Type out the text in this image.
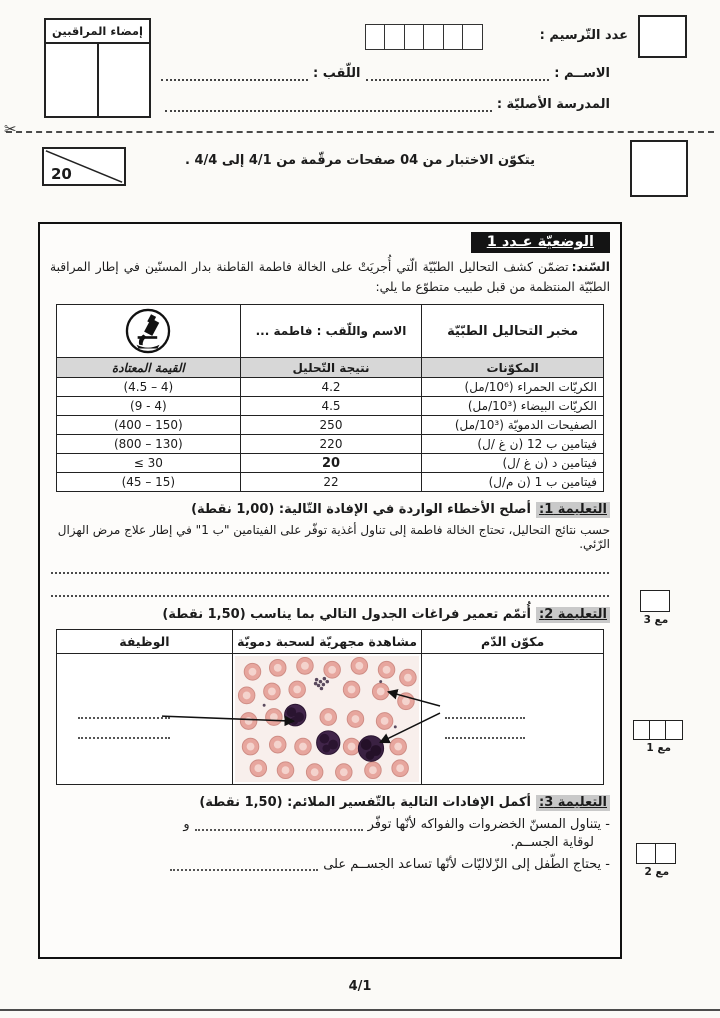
عدد التّرسيم :
إمضاء المراقبين
الاســم :
اللّقب :
المدرسة الأصليّة :
✂
يتكوّن الاختبار من 04 صفحات مرقّمة من 4/1 إلى 4/4 .
20
الوضعيّة عـدد 1

السّند:تضمّن كشف التحاليل الطبّيّة الّتي أُجريَتْ على الخالة فاطمة القاطنة بدار المسنّين في إطار المراقبة الطبّيّة المنتظمة من قبل طبيب متطوّع ما يلي:

مخبر التحاليل الطبّيّة	الاسم واللّقب : فاطمة ...	

المكوّنات	نتيجة التّحليل	القيمة المعتادة
الكريّات الحمراء (10⁶/مل)	4.2	(4.5 – 4)
الكريّات البيضاء (10³/مل)	4.5	(9 - 4)
الصفيحات الدمويّة (10³/مل)	250	(400 – 150)
فيتامين ب 12 (ن غ /ل)	220	(800 – 130)
فيتامين د (ن غ /ل)	20	≤ 30
فيتامين ب 1 (ن م/ل)	22	(45 – 15)

التعليمة 1:أصلح الأخطاء الواردة في الإفادة التّالية: (1,00 نقطة)

حسب نتائج التحاليل، تحتاج الخالة فاطمة إلى تناول أغذية توفّر على الفيتامين "ب 1" في إطار علاج مرض الهزال الرّئي.

التعليمة 2:أُتمّم تعمير فراغات الجدول التالي بما يناسب (1,50 نقطة)

مكوّن الدّم	مشاهدة مجهريّة لسحبة دمويّة	الوظيفة

التعليمة 3:أكمل الإفادات التالية بالتّفسير الملائم: (1,50 نقطة)

- يتناول المسنّ الخضروات والفواكه لأنّها توفّرو

لوقاية الجســم.

- يحتاج الطّفل إلى الزّلاليّات لأنّها تساعد الجســم على

مع 3
مع 1
مع 2
4/1
